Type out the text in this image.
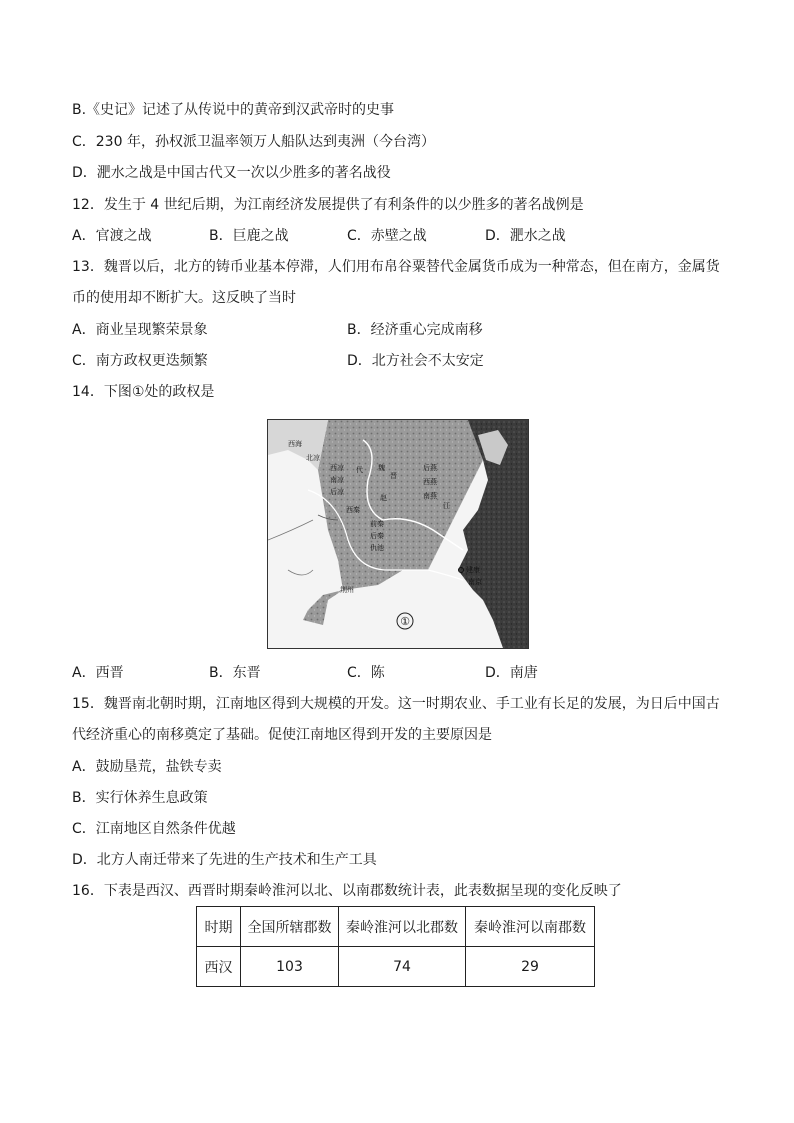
B.《史记》记述了从传说中的黄帝到汉武帝时的史事
C．230 年，孙权派卫温率领万人船队达到夷洲（今台湾）
D．淝水之战是中国古代又一次以少胜多的著名战役
12．发生于 4 世纪后期，为江南经济发展提供了有利条件的以少胜多的著名战例是
A．官渡之战	B．巨鹿之战	C．赤壁之战	D．淝水之战
13．魏晋以后，北方的铸币业基本停滞，人们用布帛谷粟替代金属货币成为一种常态，但在南方，金属货
币的使用却不断扩大。这反映了当时
A．商业呈现繁荣景象	B．经济重心完成南移
C．南方政权更迭频繁	D．北方社会不太安定
14．下图①处的政权是
西海
北凉
西凉
南凉
后凉
西秦
代 魏
晋
后燕
西燕
南燕
赵
前秦
后秦
仇池
荆州
江
建康
南京
①
A．西晋	B．东晋	C．陈	D．南唐
15．魏晋南北朝时期，江南地区得到大规模的开发。这一时期农业、手工业有长足的发展，为日后中国古
代经济重心的南移奠定了基础。促使江南地区得到开发的主要原因是
A．鼓励垦荒，盐铁专卖
B．实行休养生息政策
C．江南地区自然条件优越
D．北方人南迁带来了先进的生产技术和生产工具
16．下表是西汉、西晋时期秦岭淮河以北、以南郡数统计表，此表数据呈现的变化反映了
时期	全国所辖郡数	秦岭淮河以北郡数	秦岭淮河以南郡数
西汉	103	74	29
